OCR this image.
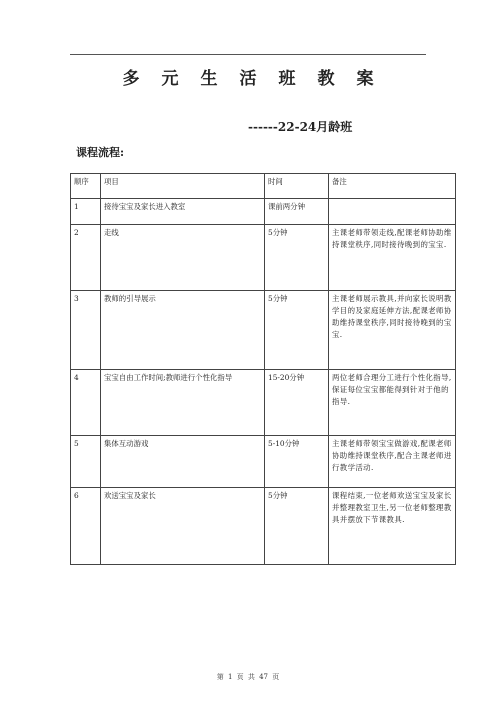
多元生活班教案
------22-24月龄班
课程流程:
顺序	项目	时间	备注
1	接待宝宝及家长进入教室	课前两分钟	
2	走线	5分钟	主课老师带领走线,配课老师协助维持课堂秩序,同时接待晚到的宝宝.
3	教师的引导展示	5分钟	主课老师展示教具,并向家长说明教学目的及家庭延伸方法,配课老师协助维持课堂秩序,同时接待晚到的宝宝.
4	宝宝自由工作时间;教师进行个性化指导	15-20分钟	两位老师合理分工进行个性化指导,保证每位宝宝都能得到针对于他的指导.
5	集体互动游戏	5-10分钟	主课老师带领宝宝做游戏,配课老师协助维持课堂秩序,配合主课老师进行教学活动.
6	欢送宝宝及家长	5分钟	课程结束,一位老师欢送宝宝及家长并整理教室卫生,另一位老师整理教具并摆放下节课教具.
第 1 页 共 47 页
